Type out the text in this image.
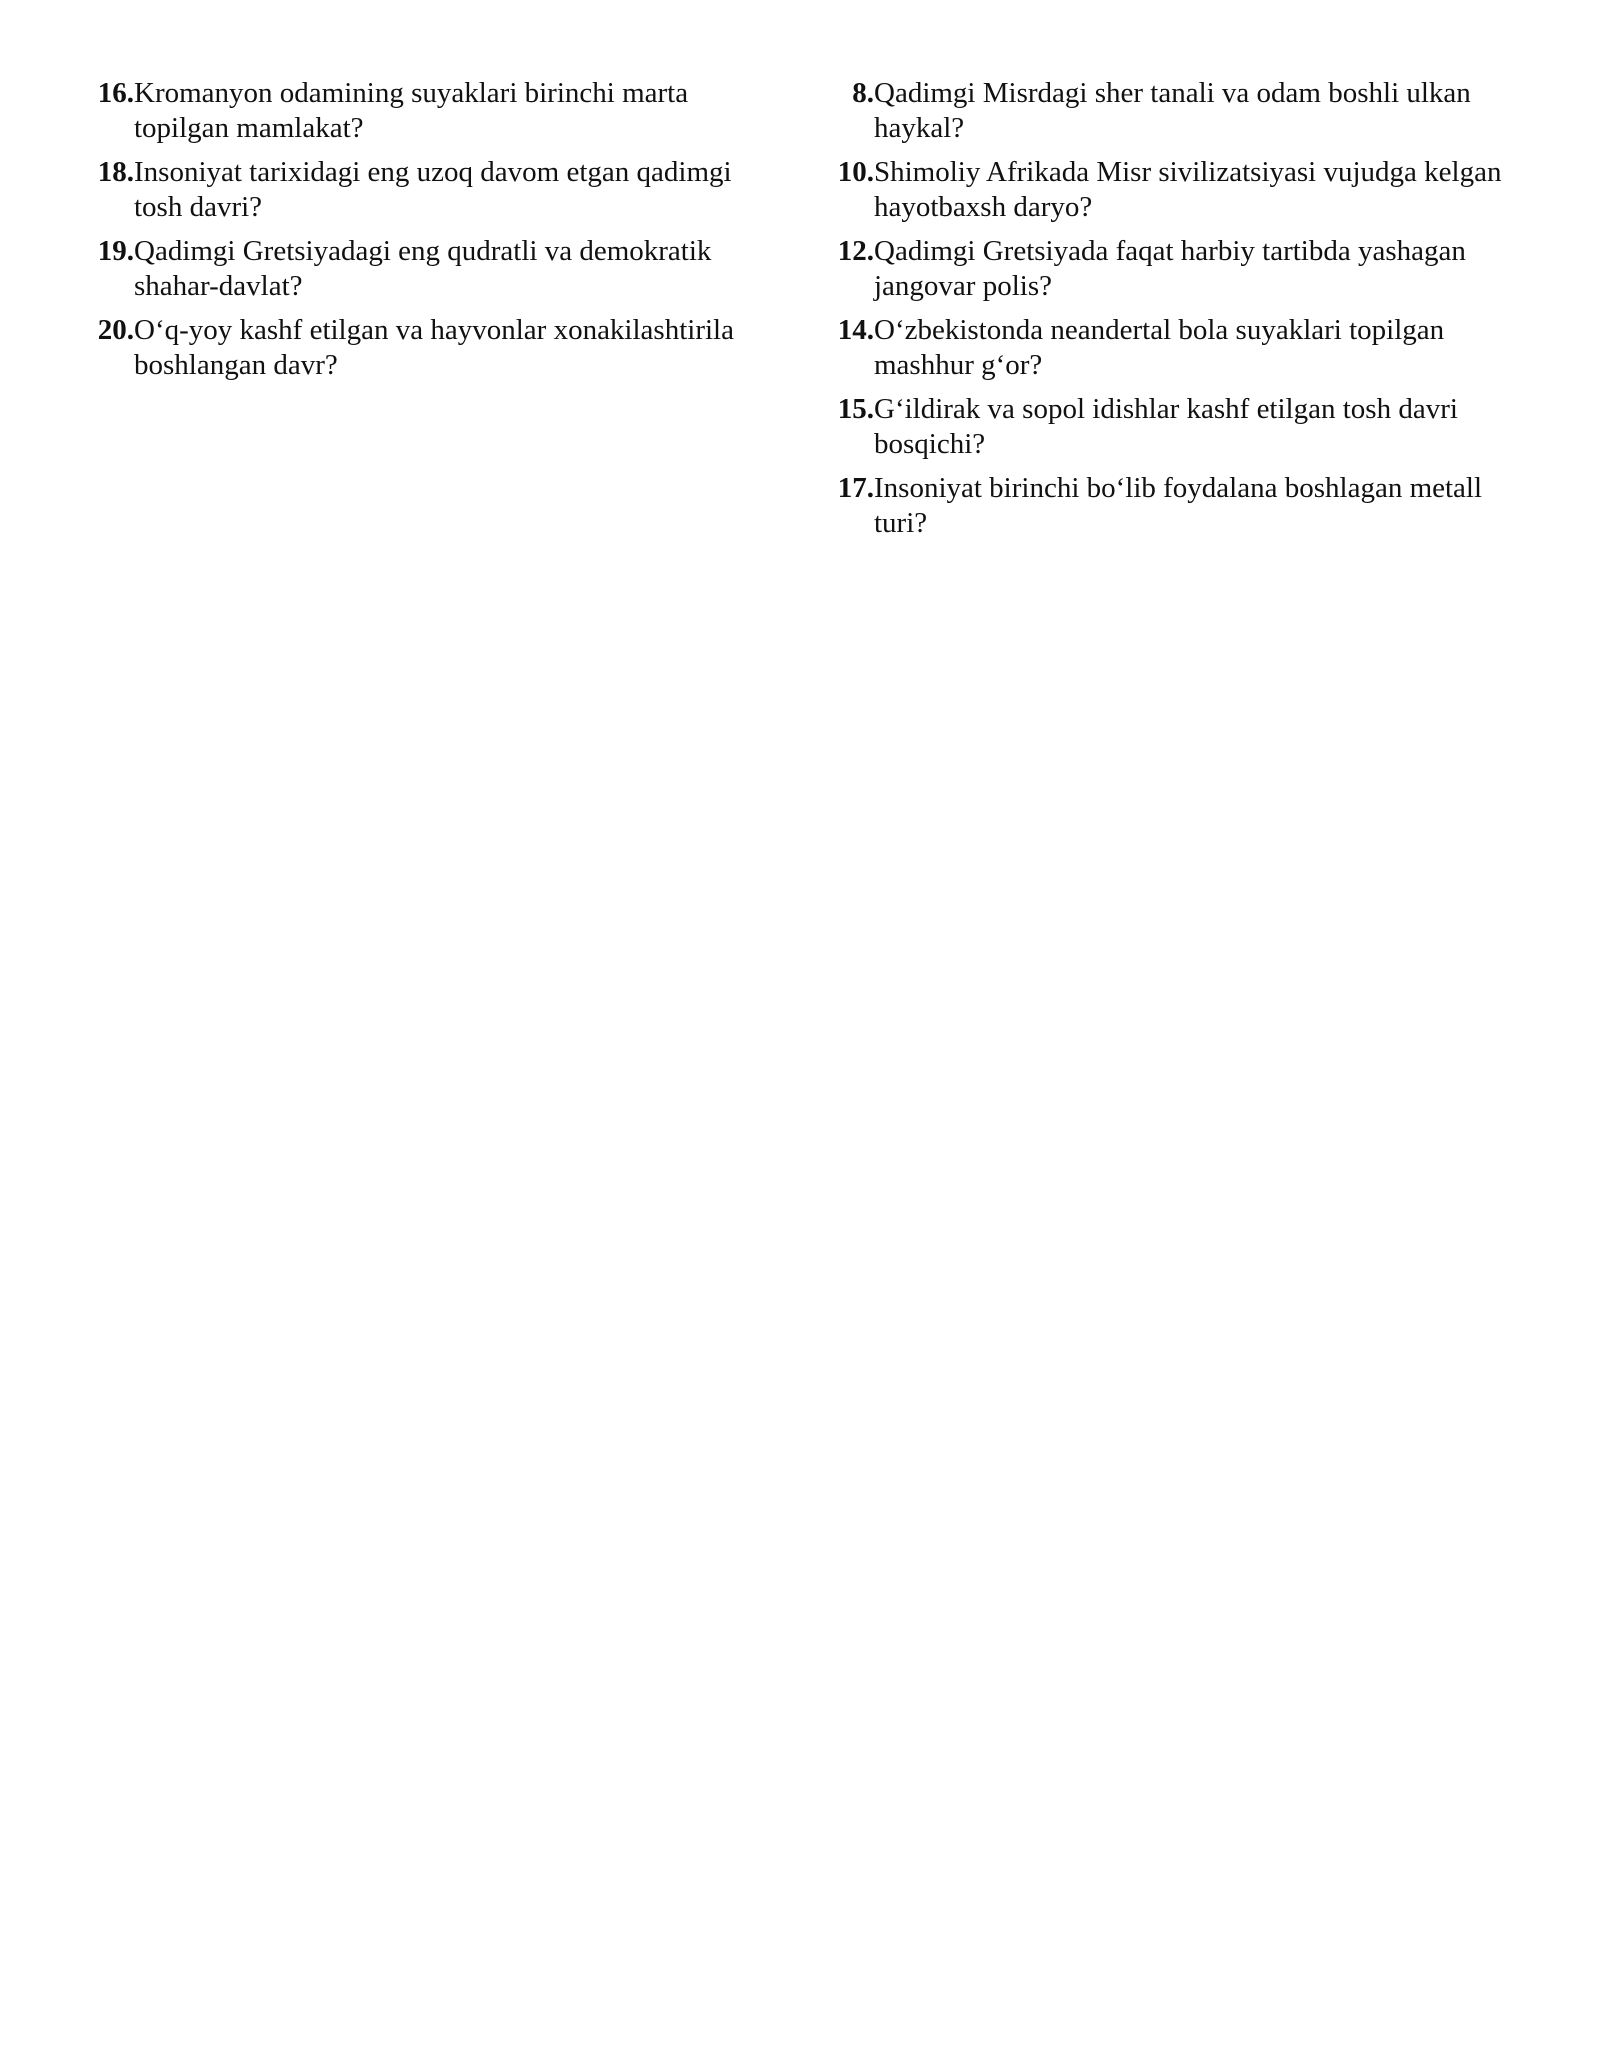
16. Kromanyon odamining suyaklari birinchi marta topilgan mamlakat?
18. Insoniyat tarixidagi eng uzoq davom etgan qadimgi tosh davri?
19. Qadimgi Gretsiyadagi eng qudratli va demokratik shahar-davlat?
20. O‘q-yoy kashf etilgan va hayvonlar xonakilashtirila boshlangan davr?
8. Qadimgi Misrdagi sher tanali va odam boshli ulkan haykal?
10. Shimoliy Afrikada Misr sivilizatsiyasi vujudga kelgan hayotbaxsh daryo?
12. Qadimgi Gretsiyada faqat harbiy tartibda yashagan jangovar polis?
14. O‘zbekistonda neandertal bola suyaklari topilgan mashhur g‘or?
15. G‘ildirak va sopol idishlar kashf etilgan tosh davri bosqichi?
17. Insoniyat birinchi bo‘lib foydalana boshlagan metall turi?
